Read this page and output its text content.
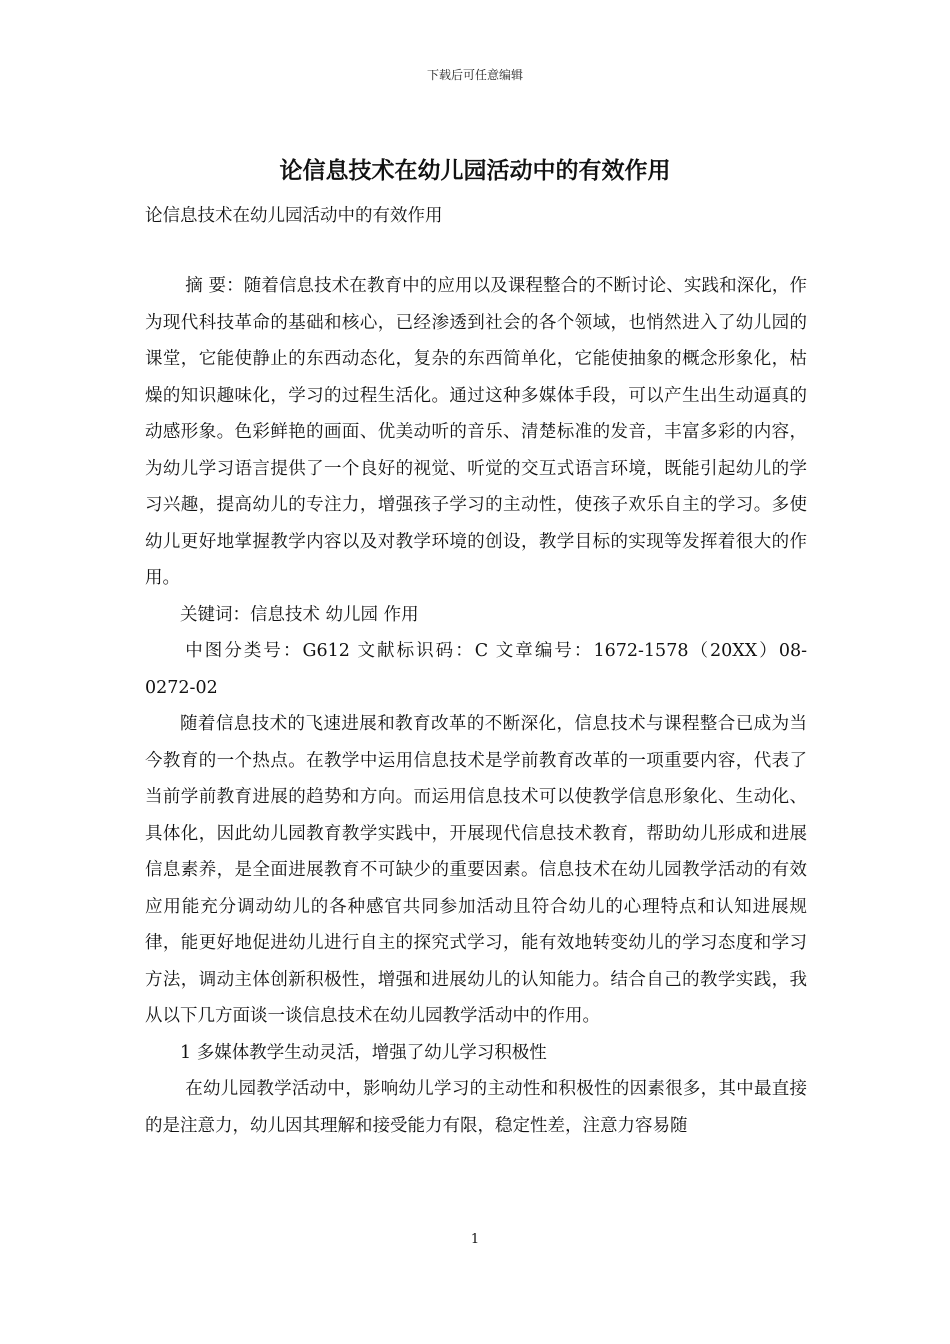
下载后可任意编辑
论信息技术在幼儿园活动中的有效作用
论信息技术在幼儿园活动中的有效作用

摘 要：随着信息技术在教育中的应用以及课程整合的不断讨论、实践和深化，作为现代科技革命的基础和核心，已经渗透到社会的各个领域，也悄然进入了幼儿园的课堂，它能使静止的东西动态化，复杂的东西简单化，它能使抽象的概念形象化，枯燥的知识趣味化，学习的过程生活化。通过这种多媒体手段，可以产生出生动逼真的动感形象。色彩鲜艳的画面、优美动听的音乐、清楚标准的发音，丰富多彩的内容，为幼儿学习语言提供了一个良好的视觉、听觉的交互式语言环境，既能引起幼儿的学习兴趣，提高幼儿的专注力，增强孩子学习的主动性，使孩子欢乐自主的学习。多使幼儿更好地掌握教学内容以及对教学环境的创设，教学目标的实现等发挥着很大的作用。

关键词：信息技术 幼儿园 作用

中图分类号：G612 文献标识码：C 文章编号：1672-1578（20XX）08-0272-02

随着信息技术的飞速进展和教育改革的不断深化，信息技术与课程整合已成为当今教育的一个热点。在教学中运用信息技术是学前教育改革的一项重要内容，代表了当前学前教育进展的趋势和方向。而运用信息技术可以使教学信息形象化、生动化、具体化，因此幼儿园教育教学实践中，开展现代信息技术教育，帮助幼儿形成和进展信息素养，是全面进展教育不可缺少的重要因素。信息技术在幼儿园教学活动的有效应用能充分调动幼儿的各种感官共同参加活动且符合幼儿的心理特点和认知进展规律，能更好地促进幼儿进行自主的探究式学习，能有效地转变幼儿的学习态度和学习方法，调动主体创新积极性，增强和进展幼儿的认知能力。结合自己的教学实践，我从以下几方面谈一谈信息技术在幼儿园教学活动中的作用。

1 多媒体教学生动灵活，增强了幼儿学习积极性

在幼儿园教学活动中，影响幼儿学习的主动性和积极性的因素很多，其中最直接的是注意力，幼儿因其理解和接受能力有限，稳定性差，注意力容易随

1
